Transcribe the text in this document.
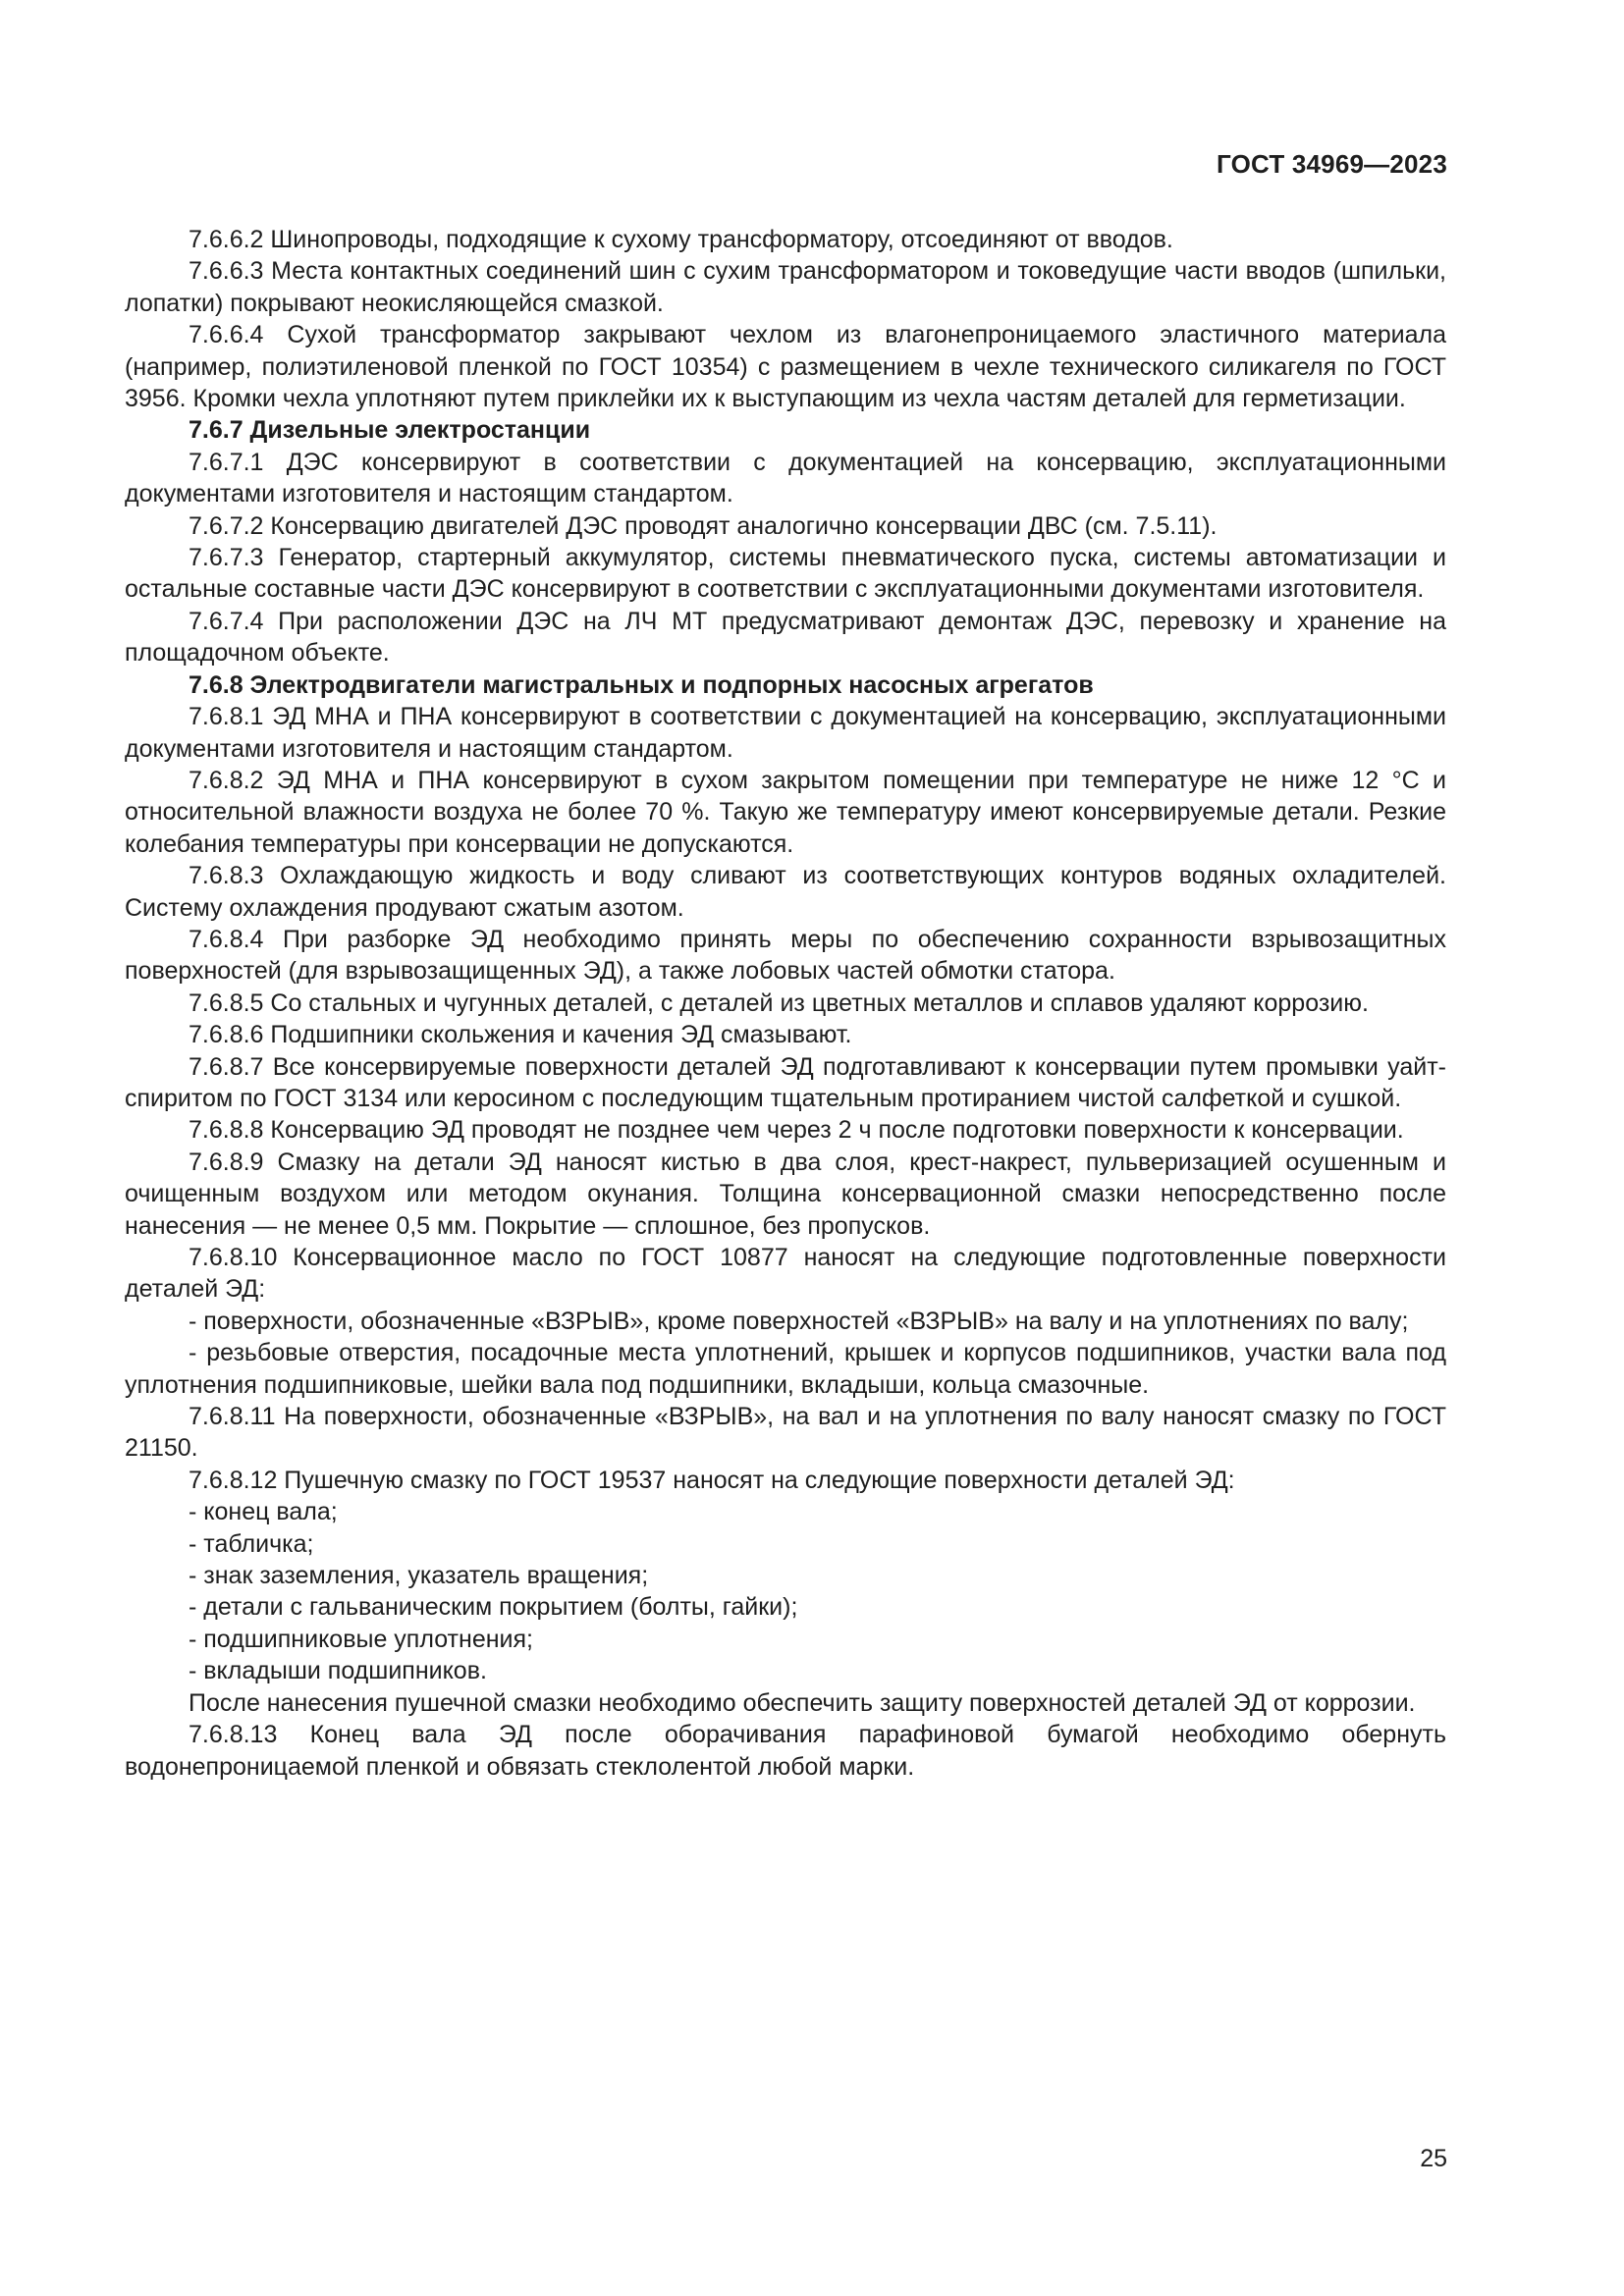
ГОСТ 34969—2023

7.6.6.2 Шинопроводы, подходящие к сухому трансформатору, отсоединяют от вводов.

7.6.6.3 Места контактных соединений шин с сухим трансформатором и токоведущие части вводов (шпильки, лопатки) покрывают неокисляющейся смазкой.

7.6.6.4 Сухой трансформатор закрывают чехлом из влагонепроницаемого эластичного материала (например, полиэтиленовой пленкой по ГОСТ 10354) с размещением в чехле технического силикагеля по ГОСТ 3956. Кромки чехла уплотняют путем приклейки их к выступающим из чехла частям деталей для герметизации.

7.6.7 Дизельные электростанции

7.6.7.1 ДЭС консервируют в соответствии с документацией на консервацию, эксплуатационными документами изготовителя и настоящим стандартом.

7.6.7.2 Консервацию двигателей ДЭС проводят аналогично консервации ДВС (см. 7.5.11).

7.6.7.3 Генератор, стартерный аккумулятор, системы пневматического пуска, системы автоматизации и остальные составные части ДЭС консервируют в соответствии с эксплуатационными документами изготовителя.

7.6.7.4 При расположении ДЭС на ЛЧ МТ предусматривают демонтаж ДЭС, перевозку и хранение на площадочном объекте.

7.6.8 Электродвигатели магистральных и подпорных насосных агрегатов

7.6.8.1 ЭД МНА и ПНА консервируют в соответствии с документацией на консервацию, эксплуатационными документами изготовителя и настоящим стандартом.

7.6.8.2 ЭД МНА и ПНА консервируют в сухом закрытом помещении при температуре не ниже 12 °С и относительной влажности воздуха не более 70 %. Такую же температуру имеют консервируемые детали. Резкие колебания температуры при консервации не допускаются.

7.6.8.3 Охлаждающую жидкость и воду сливают из соответствующих контуров водяных охладителей. Систему охлаждения продувают сжатым азотом.

7.6.8.4 При разборке ЭД необходимо принять меры по обеспечению сохранности взрывозащитных поверхностей (для взрывозащищенных ЭД), а также лобовых частей обмотки статора.

7.6.8.5 Со стальных и чугунных деталей, с деталей из цветных металлов и сплавов удаляют коррозию.

7.6.8.6 Подшипники скольжения и качения ЭД смазывают.

7.6.8.7 Все консервируемые поверхности деталей ЭД подготавливают к консервации путем промывки уайт-спиритом по ГОСТ 3134 или керосином с последующим тщательным протиранием чистой салфеткой и сушкой.

7.6.8.8 Консервацию ЭД проводят не позднее чем через 2 ч после подготовки поверхности к консервации.

7.6.8.9 Смазку на детали ЭД наносят кистью в два слоя, крест-накрест, пульверизацией осушенным и очищенным воздухом или методом окунания. Толщина консервационной смазки непосредственно после нанесения — не менее 0,5 мм. Покрытие — сплошное, без пропусков.

7.6.8.10 Консервационное масло по ГОСТ 10877 наносят на следующие подготовленные поверхности деталей ЭД:

- поверхности, обозначенные «ВЗРЫВ», кроме поверхностей «ВЗРЫВ» на валу и на уплотнениях по валу;

- резьбовые отверстия, посадочные места уплотнений, крышек и корпусов подшипников, участки вала под уплотнения подшипниковые, шейки вала под подшипники, вкладыши, кольца смазочные.

7.6.8.11 На поверхности, обозначенные «ВЗРЫВ», на вал и на уплотнения по валу наносят смазку по ГОСТ 21150.

7.6.8.12 Пушечную смазку по ГОСТ 19537 наносят на следующие поверхности деталей ЭД:

- конец вала;

- табличка;

- знак заземления, указатель вращения;

- детали с гальваническим покрытием (болты, гайки);

- подшипниковые уплотнения;

- вкладыши подшипников.

После нанесения пушечной смазки необходимо обеспечить защиту поверхностей деталей ЭД от коррозии.

7.6.8.13 Конец вала ЭД после оборачивания парафиновой бумагой необходимо обернуть водонепроницаемой пленкой и обвязать стеклолентой любой марки.

25
